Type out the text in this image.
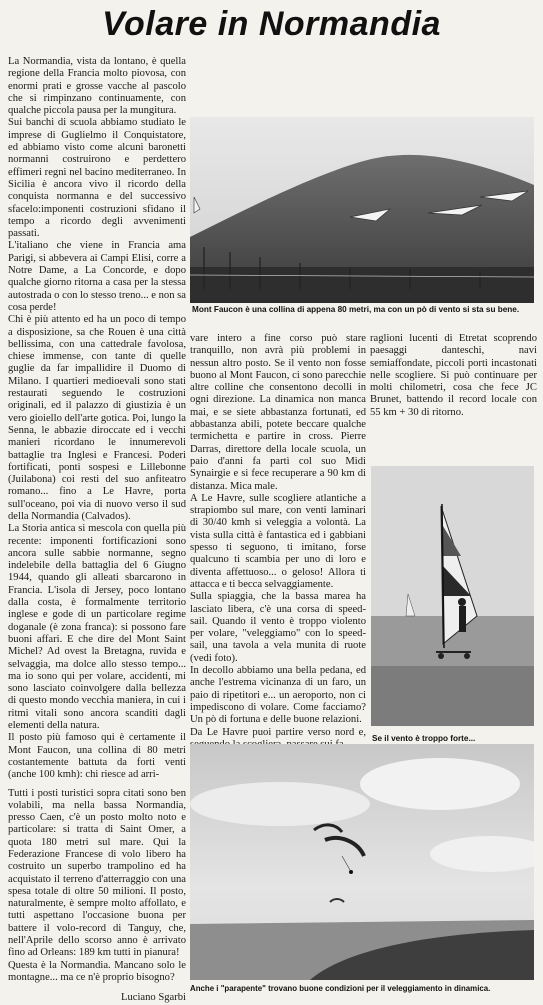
Volare in Normandia

La Normandia, vista da lontano, è quella regione della Francia molto piovosa, con enormi prati e grosse vacche al pascolo che si rimpinzano continuamente, con qualche piccola pausa per la mungitura.

Sui banchi di scuola abbiamo studiato le imprese di Guglielmo il Conquistatore, ed abbiamo visto come alcuni baronetti normanni costruirono e perdettero effimeri regni nel bacino mediterraneo. In Sicilia è ancora vivo il ricordo della conquista normanna e del successivo sfacelo:imponenti costruzioni sfidano il tempo a ricordo degli avvenimenti passati.

L'italiano che viene in Francia ama Parigi, si abbevera ai Campi Elisi, corre a Notre Dame, a La Concorde, e dopo qualche giorno ritorna a casa per la stessa autostrada o con lo stesso treno... e non sa cosa perde!

Chi è più attento ed ha un poco di tempo a disposizione, sa che Rouen è una città bellissima, con una cattedrale favolosa, chiese immense, con tante di quelle guglie da far impallidire il Duomo di Milano. I quartieri medioevali sono stati restaurati seguendo le costruzioni originali, ed il palazzo di giustizia è un vero gioiello dell'arte gotica. Poi, lungo la Senna, le abbazie diroccate ed i vecchi manieri ricordano le innumerevoli battaglie tra Inglesi e Francesi. Poderi fortificati, ponti sospesi e Lillebonne (Juilabona) coi resti del suo anfiteatro romano... fino a Le Havre, porta sull'oceano, poi via di nuovo verso il sud della Normandia (Calvados).

La Storia antica si mescola con quella più recente: imponenti fortificazioni sono ancora sulle sabbie normanne, segno indelebile della battaglia del 6 Giugno 1944, quando gli alleati sbarcarono in Francia. L'isola di Jersey, poco lontano dalla costa, è formalmente territorio inglese e gode di un particolare regime doganale (è zona franca): si possono fare buoni affari. E che dire del Mont Saint Michel? Ad ovest la Bretagna, ruvida e selvaggia, ma dolce allo stesso tempo... ma io sono qui per volare, accidenti, mi sono lasciato coinvolgere dalla bellezza di questo mondo vecchia maniera, in cui i ritmi vitali sono ancora scanditi dagli elementi della natura.

Il posto più famoso qui è certamente il Mont Faucon, una collina di 80 metri costantemente battuta da forti venti (anche 100 kmh): chi riesce ad arri-

Tutti i posti turistici sopra citati sono ben volabili, ma nella bassa Normandia, presso Caen, c'è un posto molto noto e particolare: si tratta di Saint Omer, a quota 180 metri sul mare. Qui la Federazione Francese di volo libero ha costruito un superbo trampolino ed ha acquistato il terreno d'atterraggio con una spesa totale di oltre 50 milioni. Il posto, naturalmente, è sempre molto affollato, e tutti aspettano l'occasione buona per battere il volo-record di Tanguy, che, nell'Aprile dello scorso anno è arrivato fino ad Orleans: 189 km tutti in pianura!

Questa è la Normandia. Mancano solo le montagne... ma ce n'è proprio bisogno?

Luciano Sgarbi

vare intero a fine corso può stare tranquillo, non avrà più problemi in nessun altro posto. Se il vento non fosse buono al Mont Faucon, ci sono parecchie altre colline che consentono decolli in ogni direzione. La dinamica non manca mai, e se siete abbastanza fortunati, ed abbastanza abili, potete beccare qualche termichetta e partire in cross. Pierre Darras, direttore della locale scuola, un paio d'anni fa partì col suo Midi Synairgie e si fece recuperare a 90 km di distanza. Mica male.

A Le Havre, sulle scogliere atlantiche a strapiombo sul mare, con venti laminari di 30/40 kmh si veleggia a volontà. La vista sulla città è fantastica ed i gabbiani spesso ti seguono, ti imitano, forse qualcuno ti scambia per uno di loro e diventa affettuoso... o geloso! Allora ti attacca e ti becca selvaggiamente.

Sulla spiaggia, che la bassa marea ha lasciato libera, c'è una corsa di speed-sail. Quando il vento è troppo violento per volare, "veleggiamo" con lo speed-sail, una tavola a vela munita di ruote (vedi foto).

In decollo abbiamo una bella pedana, ed anche l'estrema vicinanza di un faro, un paio di ripetitori e... un aeroporto, non ci impediscono di volare. Come facciamo? Un pò di fortuna e delle buone relazioni.

Da Le Havre puoi partire verso nord e,

raglioni lucenti di Etretat scoprendo paesaggi danteschi, navi semiaffondate, piccoli porti incastonati nelle scogliere. Si può continuare per molti chilometri, cosa che fece JC Brunet, battendo il record locale con 55 km + 30 di ritorno.

Mont Faucon è una collina di appena 80 metri, ma con un pò di vento si sta su bene.
Se il vento è troppo forte...
Anche i "parapente" trovano buone condizioni per il veleggiamento in dinamica.
